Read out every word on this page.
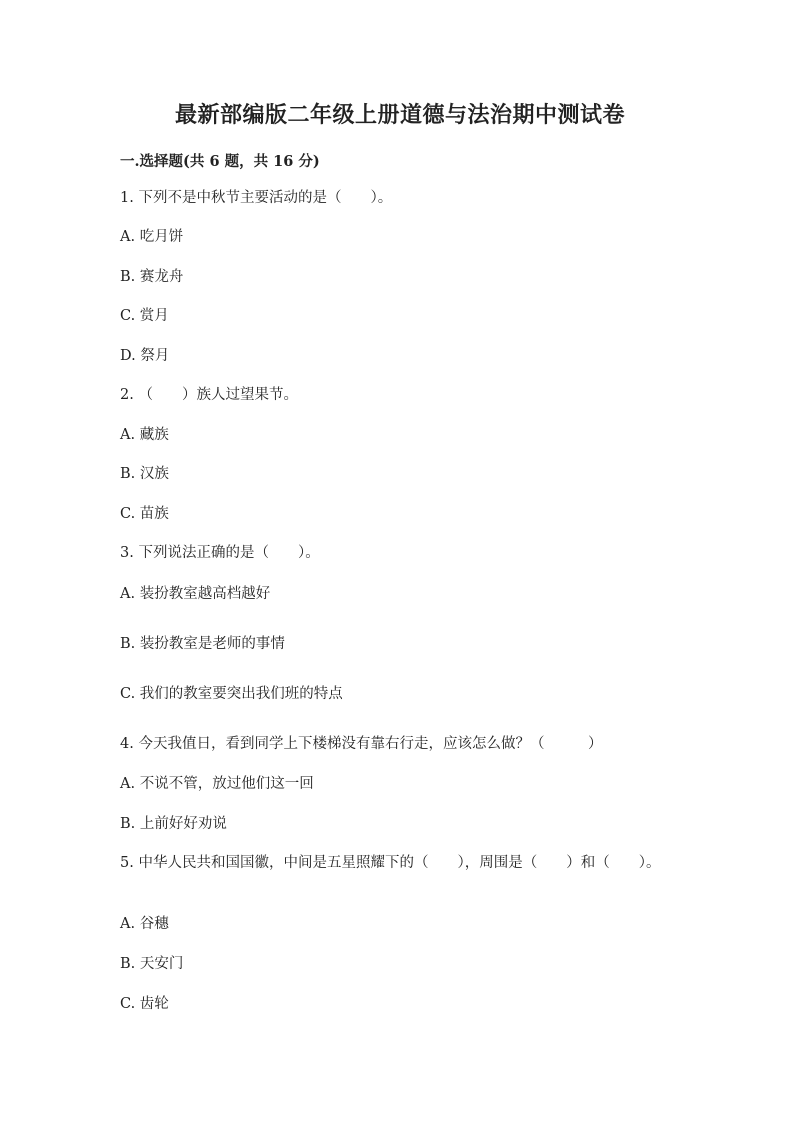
最新部编版二年级上册道德与法治期中测试卷
一.选择题(共 6 题，共 16 分)
1. 下列不是中秋节主要活动的是（　　）。
A. 吃月饼
B. 赛龙舟
C. 赏月
D. 祭月
2. （　　）族人过望果节。
A. 藏族
B. 汉族
C. 苗族
3. 下列说法正确的是（　　）。
A. 装扮教室越高档越好
B. 装扮教室是老师的事情
C. 我们的教室要突出我们班的特点
4. 今天我值日，看到同学上下楼梯没有靠右行走，应该怎么做？（　　　）
A. 不说不管，放过他们这一回
B. 上前好好劝说
5. 中华人民共和国国徽，中间是五星照耀下的（　　），周围是（　　）和（　　）。
A. 谷穗
B. 天安门
C. 齿轮
